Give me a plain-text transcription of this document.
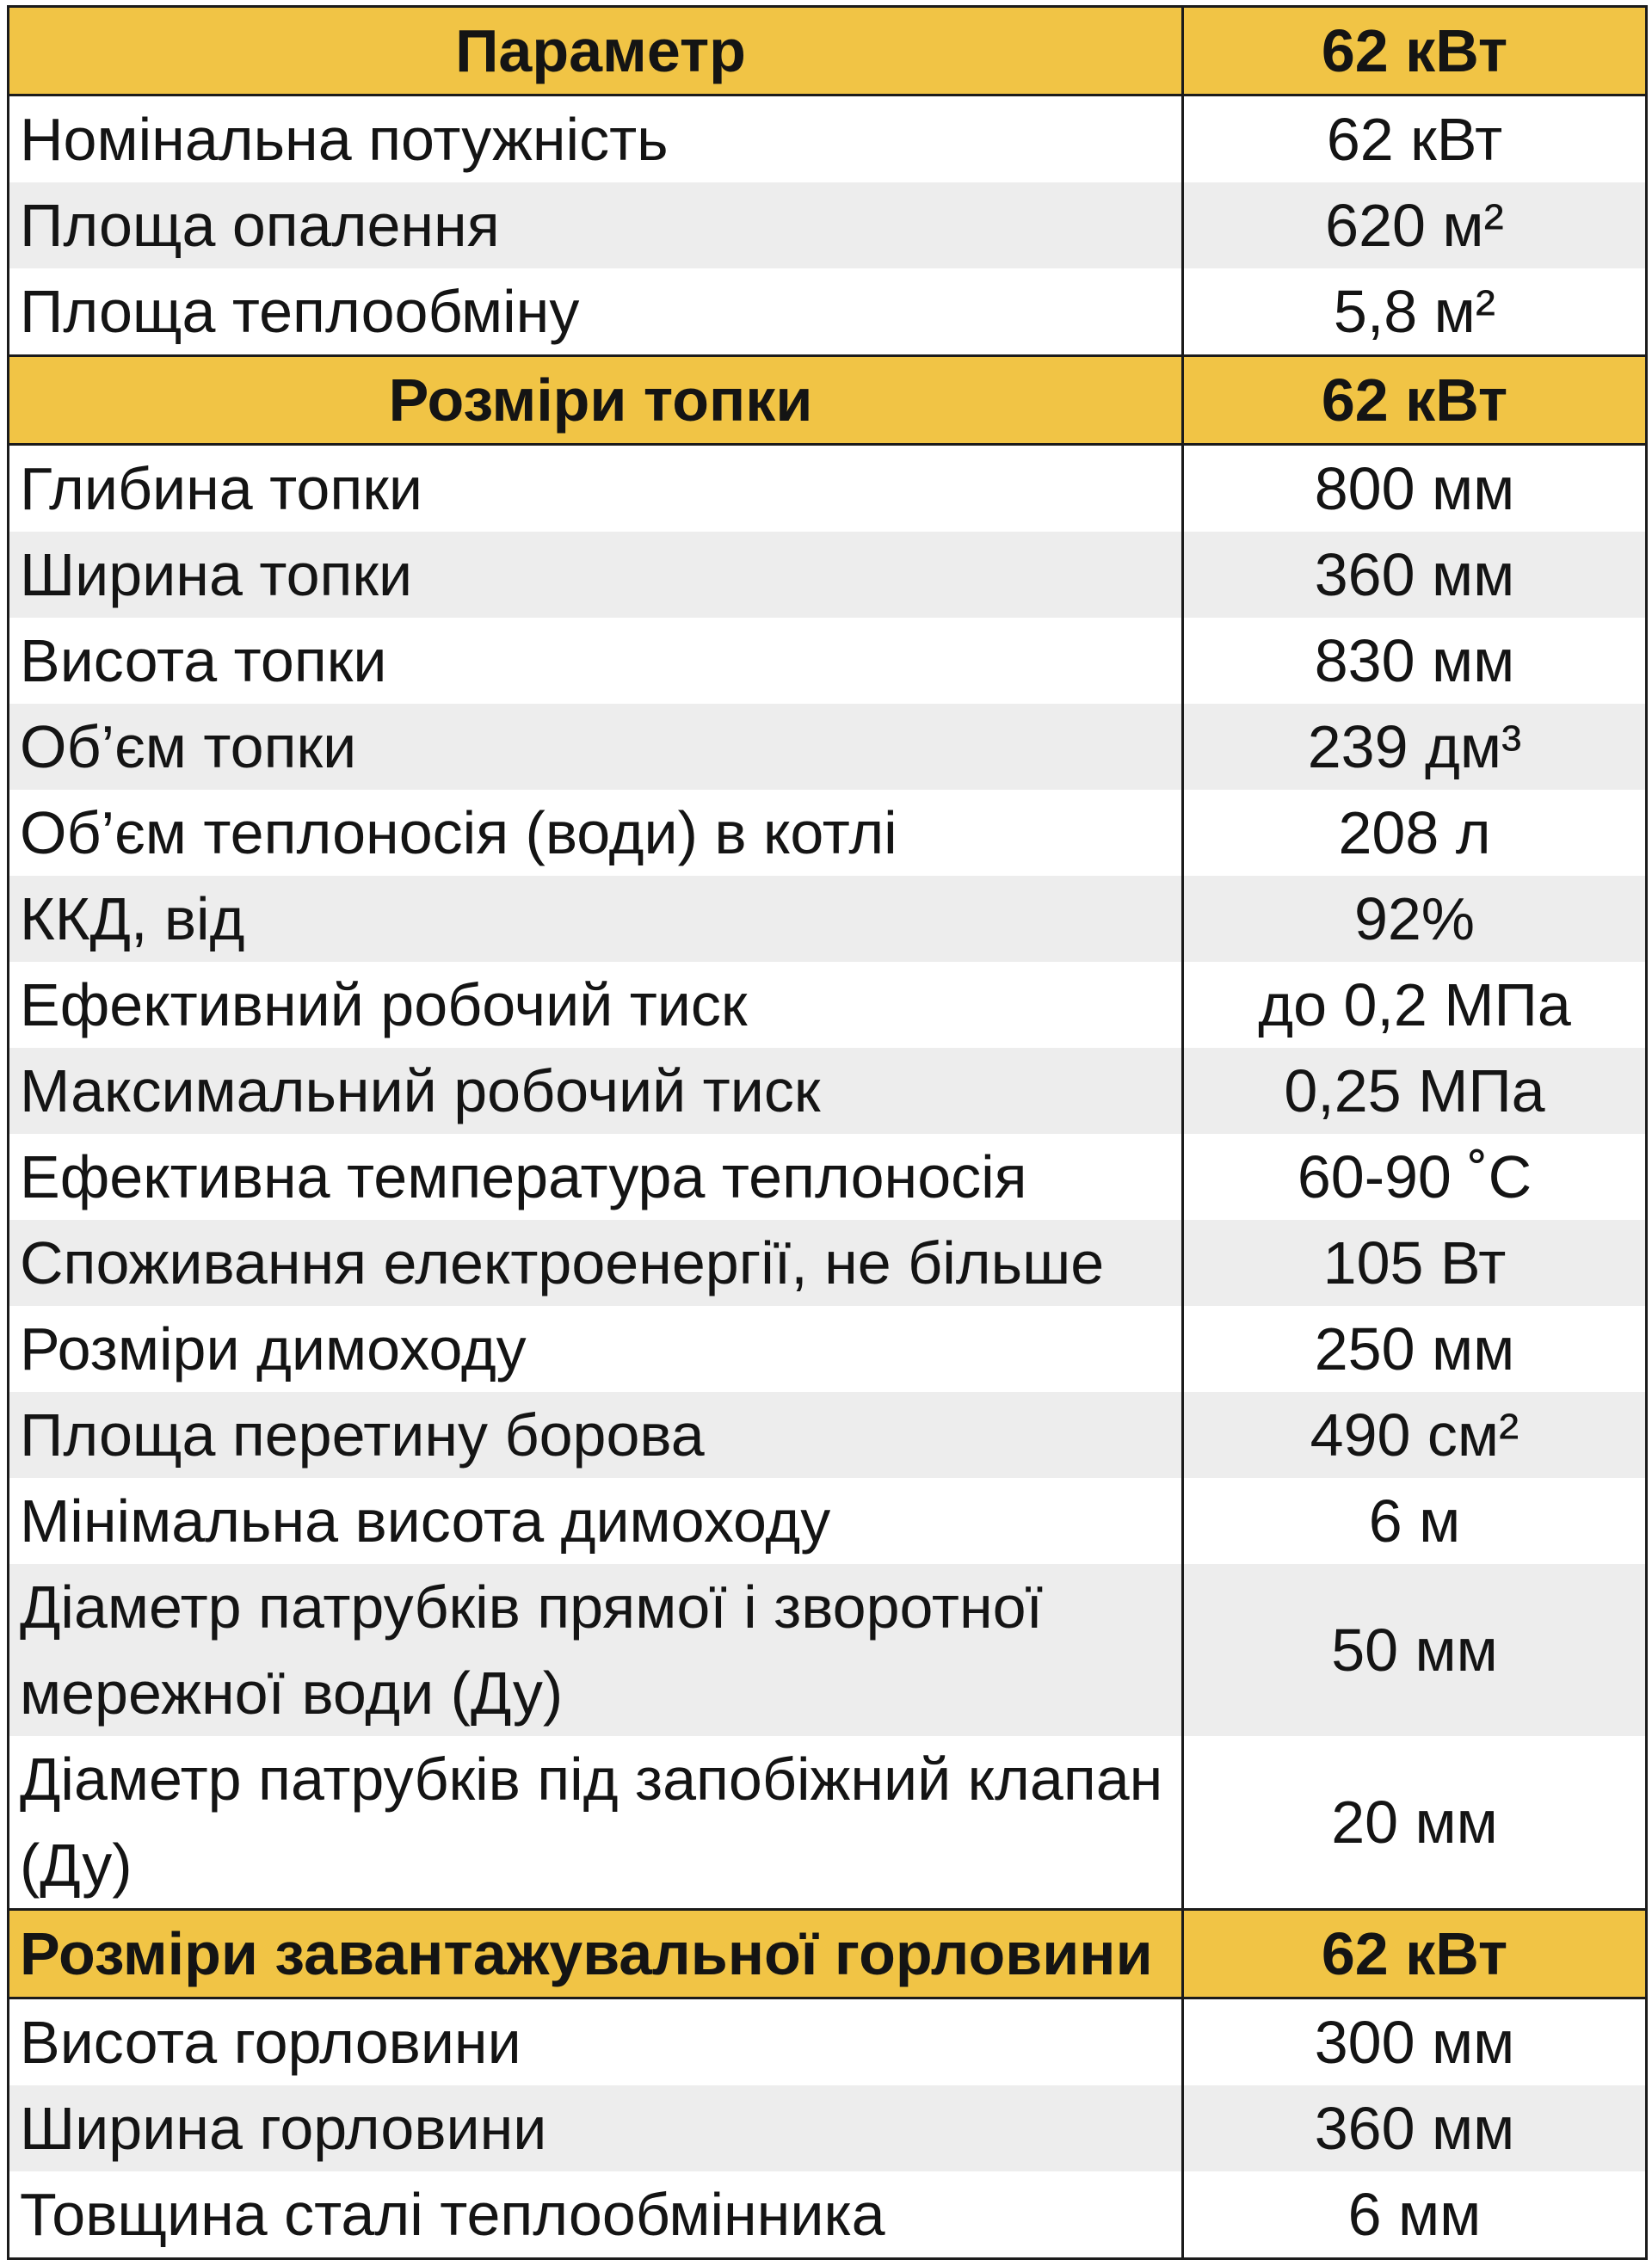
Параметр	62 кВт
Номінальна потужність	62 кВт
Площа опалення	620 м²
Площа теплообміну	5,8 м²
Розміри топки	62 кВт
Глибина топки	800 мм
Ширина топки	360 мм
Висота топки	830 мм
Об’єм топки	239 дм³
Об’єм теплоносія (води) в котлі	208 л
ККД, від	92%
Ефективний робочий тиск	до 0,2 МПа
Максимальний робочий тиск	0,25 МПа
Ефективна температура теплоносія	60-90 ˚С
Споживання електроенергії, не більше	105 Вт
Розміри димоходу	250 мм
Площа перетину борова	490 см²
Мінімальна висота димоходу	6 м
Діаметр патрубків прямої і зворотної мережної води (Ду)	50 мм
Діаметр патрубків під запобіжний клапан (Ду)	20 мм
Розміри завантажувальної горловини	62 кВт
Висота горловини	300 мм
Ширина горловини	360 мм
Товщина сталі теплообмінника	6 мм
